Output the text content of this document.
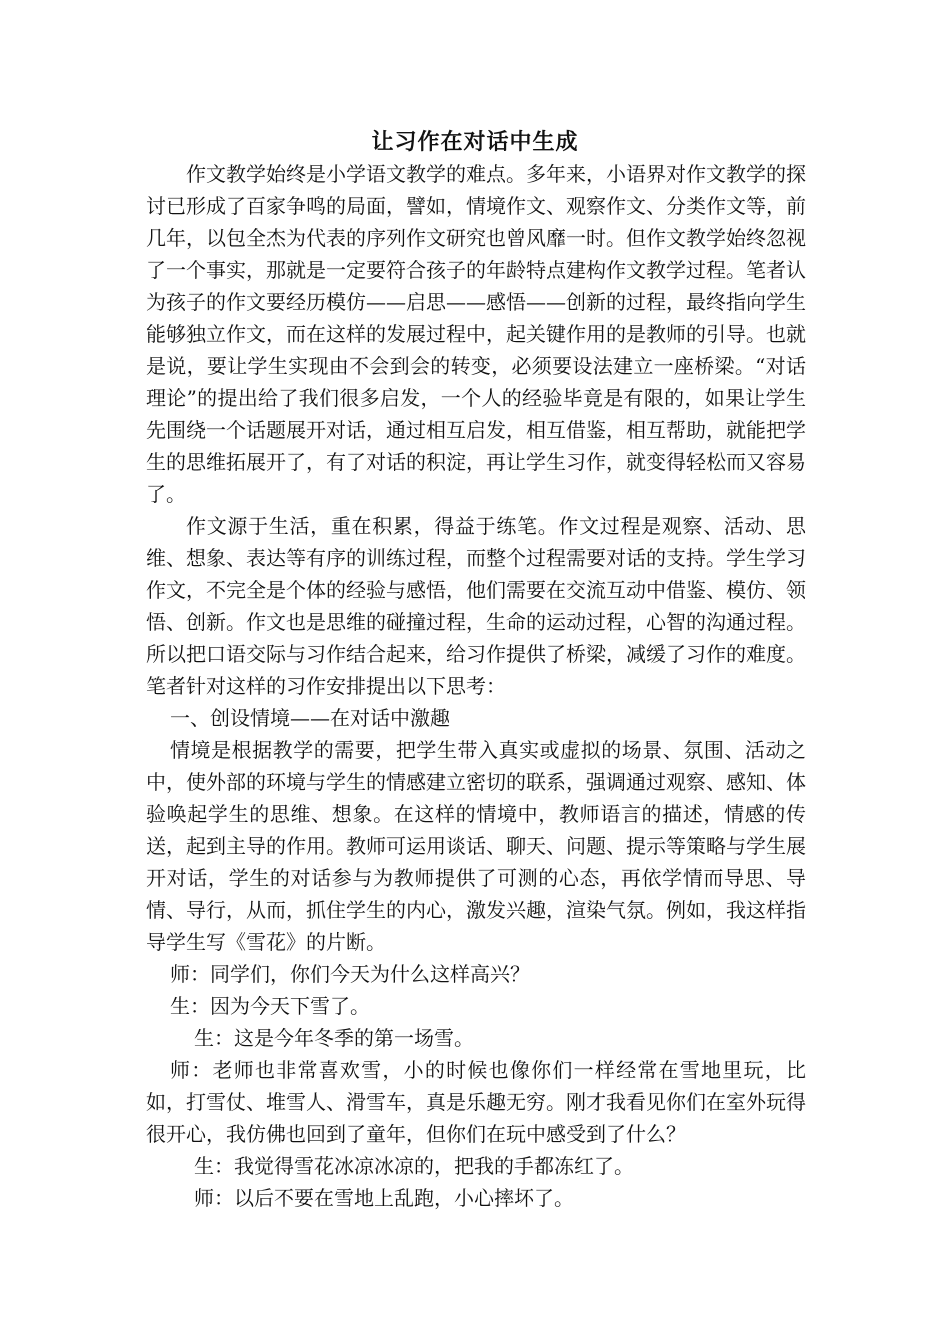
让习作在对话中生成

作文教学始终是小学语文教学的难点。多年来，小语界对作文教学的探讨已形成了百家争鸣的局面，譬如，情境作文、观察作文、分类作文等，前几年，以包全杰为代表的序列作文研究也曾风靡一时。但作文教学始终忽视了一个事实，那就是一定要符合孩子的年龄特点建构作文教学过程。笔者认为孩子的作文要经历模仿——启思——感悟——创新的过程，最终指向学生能够独立作文，而在这样的发展过程中，起关键作用的是教师的引导。也就是说，要让学生实现由不会到会的转变，必须要设法建立一座桥梁。“对话理论”的提出给了我们很多启发，一个人的经验毕竟是有限的，如果让学生先围绕一个话题展开对话，通过相互启发，相互借鉴，相互帮助，就能把学生的思维拓展开了，有了对话的积淀，再让学生习作，就变得轻松而又容易了。

作文源于生活，重在积累，得益于练笔。作文过程是观察、活动、思维、想象、表达等有序的训练过程，而整个过程需要对话的支持。学生学习作文，不完全是个体的经验与感悟，他们需要在交流互动中借鉴、模仿、领悟、创新。作文也是思维的碰撞过程，生命的运动过程，心智的沟通过程。所以把口语交际与习作结合起来，给习作提供了桥梁，减缓了习作的难度。笔者针对这样的习作安排提出以下思考：

一、创设情境——在对话中激趣

情境是根据教学的需要，把学生带入真实或虚拟的场景、氛围、活动之中，使外部的环境与学生的情感建立密切的联系，强调通过观察、感知、体验唤起学生的思维、想象。在这样的情境中，教师语言的描述，情感的传送，起到主导的作用。教师可运用谈话、聊天、问题、提示等策略与学生展开对话，学生的对话参与为教师提供了可测的心态，再依学情而导思、导情、导行，从而，抓住学生的内心，激发兴趣，渲染气氛。例如，我这样指导学生写《雪花》的片断。

师：同学们，你们今天为什么这样高兴？

生：因为今天下雪了。

生：这是今年冬季的第一场雪。

师：老师也非常喜欢雪，小的时候也像你们一样经常在雪地里玩，比如，打雪仗、堆雪人、滑雪车，真是乐趣无穷。刚才我看见你们在室外玩得很开心，我仿佛也回到了童年，但你们在玩中感受到了什么？

生：我觉得雪花冰凉冰凉的，把我的手都冻红了。

师：以后不要在雪地上乱跑，小心摔坏了。
